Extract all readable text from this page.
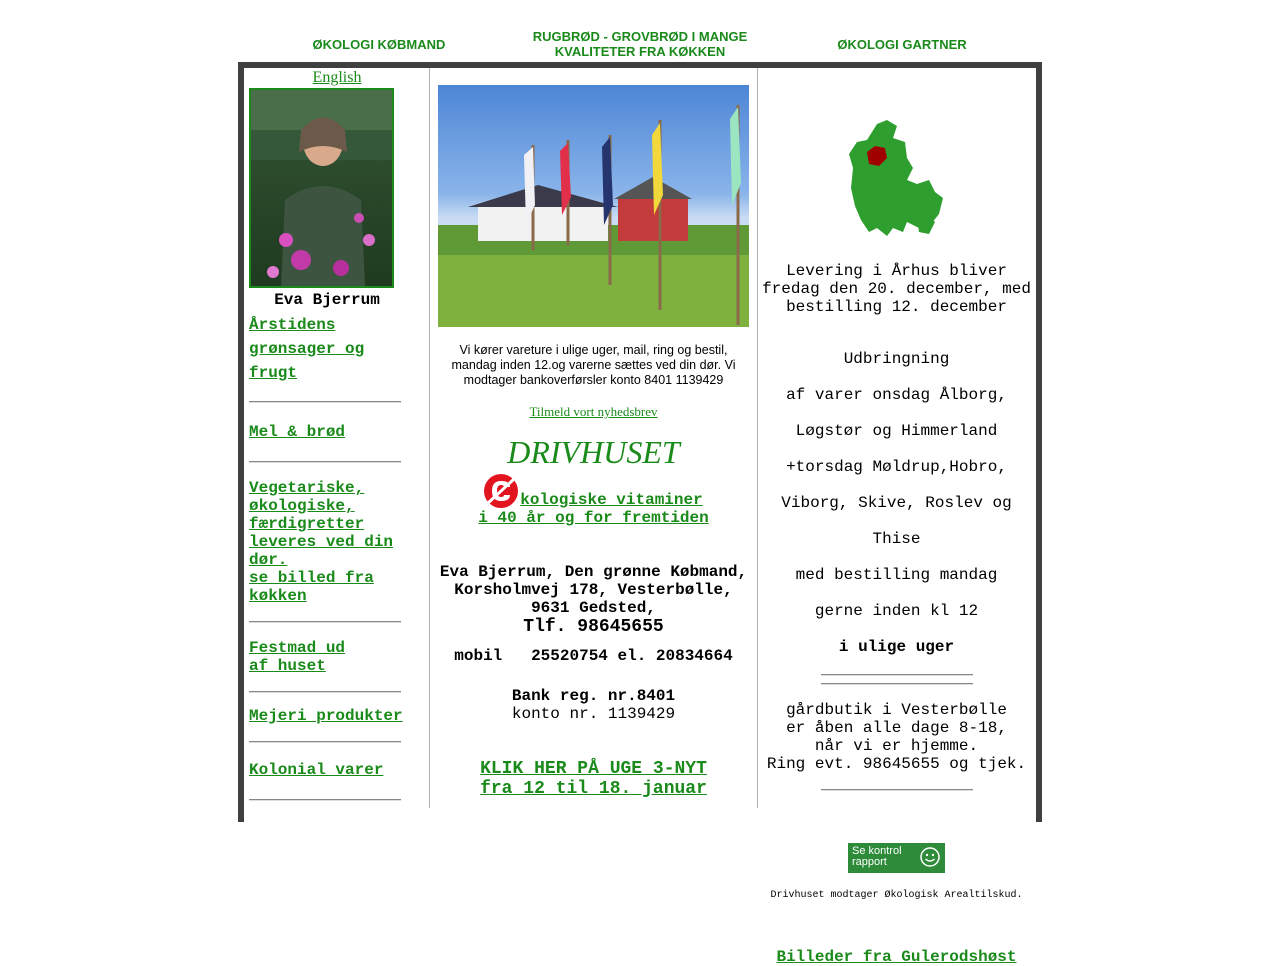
ØKOLOGI KØBMAND
RUGBRØD - GROVBRØD I MANGE
KVALITETER FRA KØKKEN	ØKOLOGI GARTNER
English
Eva Bjerrum
Årstidens
grønsager og
frugt
Mel & brød
Vegetariske,
økologiske,
færdigretter
leveres ved din
dør.
se billed fra
køkken
Festmad ud
af huset
Mejeri produkter
Kolonial varer
Vi kører vareture i ulige uger, mail, ring og bestil,
mandag inden 12.og varerne sættes ved din dør. Vi
modtager bankoverførsler konto 8401 1139429
Tilmeld vort nyhedsbrev
DRIVHUSET
kologiske vitaminer
i 40 år og for fremtiden
Eva Bjerrum, Den grønne Købmand,
Korsholmvej 178, Vesterbølle,
9631 Gedsted,
Tlf. 98645655
mobil   25520754 el. 20834664
Bank reg. nr.8401
konto nr. 1139429
KLIK HER PÅ UGE 3-NYT
fra 12 til 18. januar
Levering i Århus bliver
fredag den 20. december, med
bestilling 12. december

Udbringning

af varer onsdag Ålborg,

Løgstør og Himmerland

+torsdag Møldrup,Hobro,

Viborg, Skive, Roslev og

Thise

med bestilling mandag

gerne inden kl 12

i ulige uger

gårdbutik i Vesterbølle
er åben alle dage 8-18,
når vi er hjemme.
Ring evt. 98645655 og tjek.
Se kontrol
rapport
Drivhuset modtager Økologisk Arealtilskud.
Billeder fra Gulerodshøst
